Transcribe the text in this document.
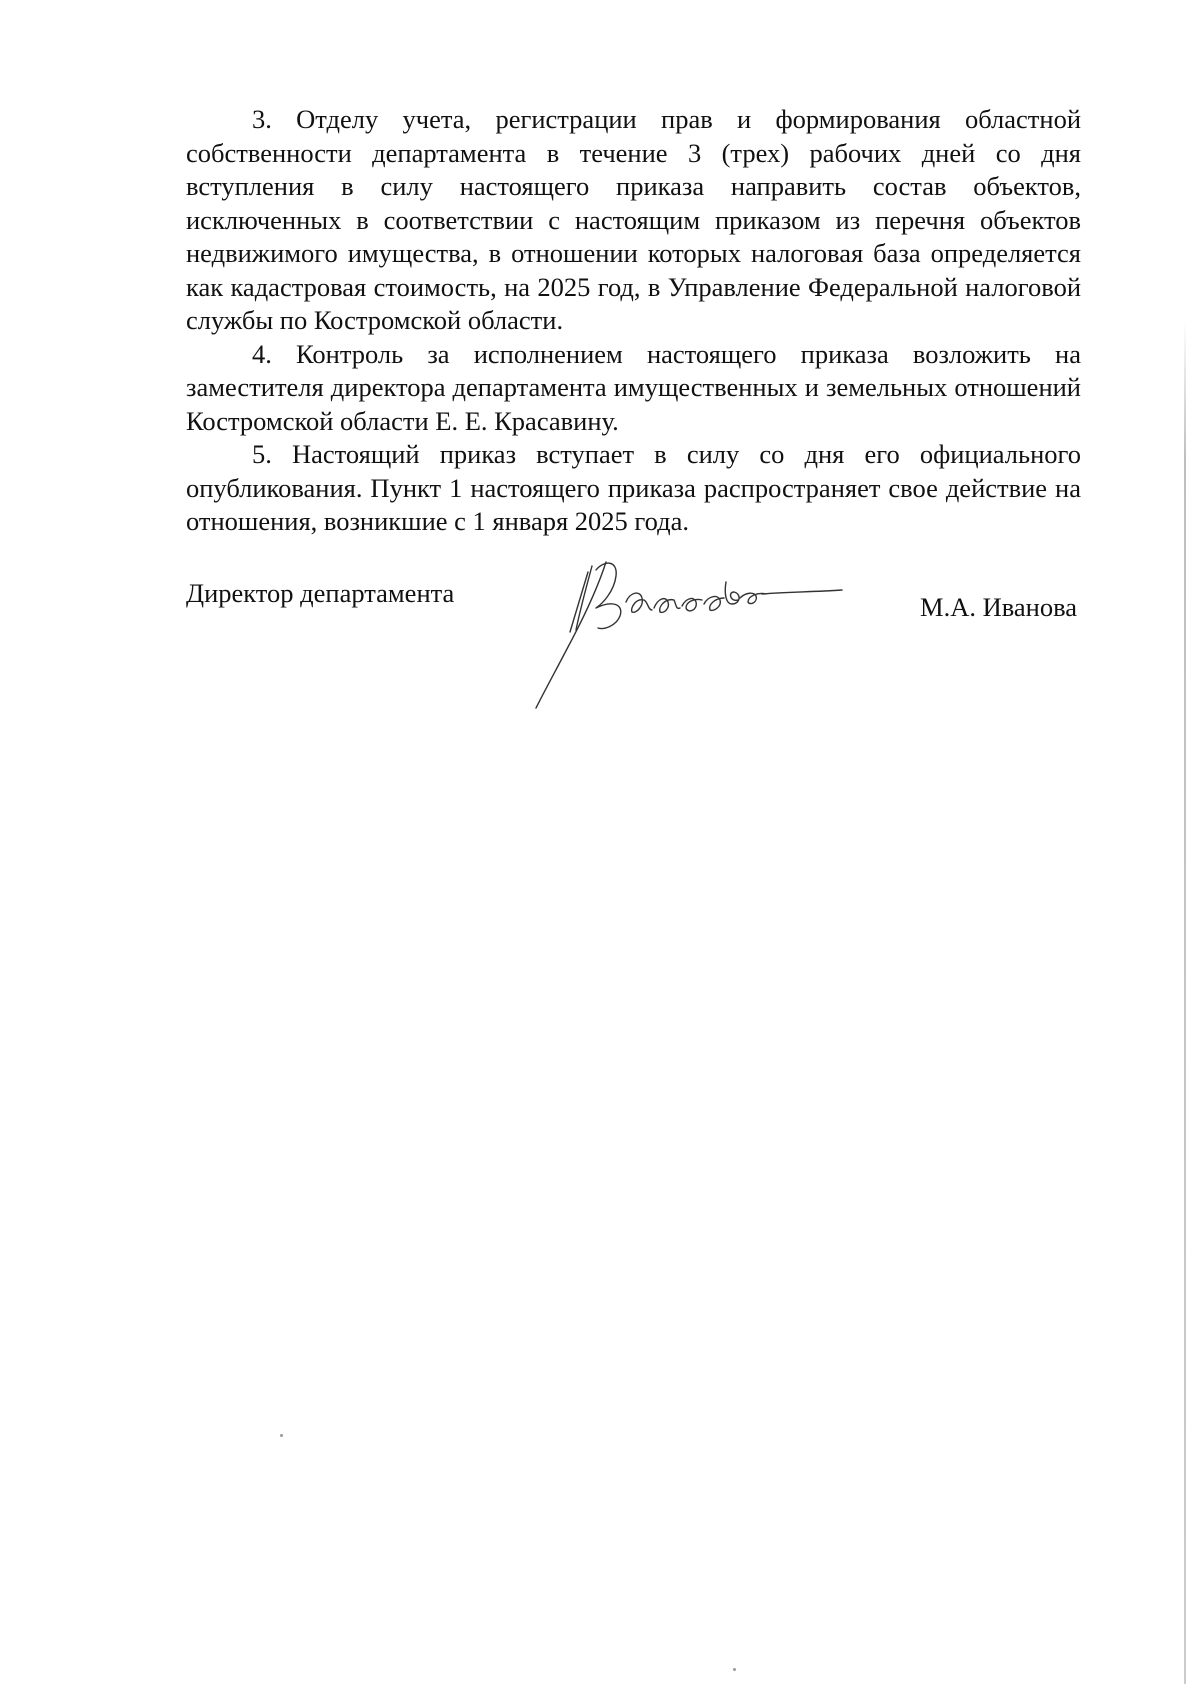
3. Отделу учета, регистрации прав и формирования областной собственности департамента в течение 3 (трех) рабочих дней со дня вступления в силу настоящего приказа направить состав объектов, исключенных в соответствии с настоящим приказом из перечня объектов недвижимого имущества, в отношении которых налоговая база определяется как кадастровая стоимость, на 2025 год, в Управление Федеральной налоговой службы по Костромской области.

4. Контроль за исполнением настоящего приказа возложить на заместителя директора департамента имущественных и земельных отношений Костромской области Е. Е. Красавину.

5. Настоящий приказ вступает в силу со дня его официального опубликования. Пункт 1 настоящего приказа распространяет свое действие на отношения, возникшие с 1 января 2025 года.

Директор департамента	М.А. Иванова
